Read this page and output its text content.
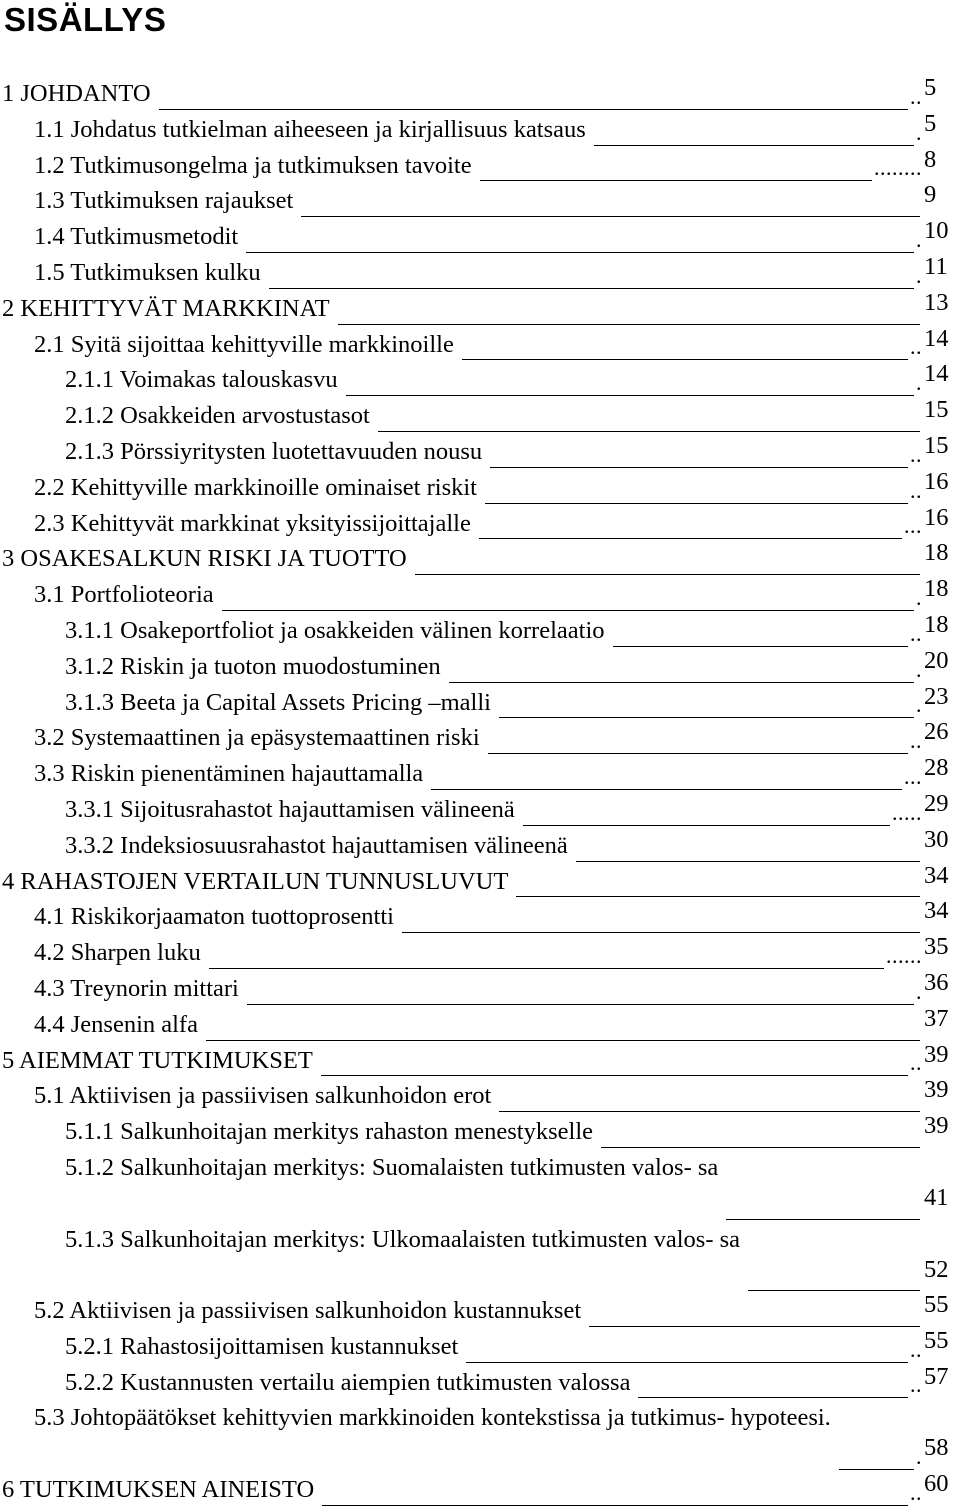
SISÄLLYS
1 JOHDANTO	.. 5
1.1 Johdatus tutkielman aiheeseen ja kirjallisuus katsaus	. 5
1.2 Tutkimusongelma ja tutkimuksen tavoite	........ 8
1.3 Tutkimuksen rajaukset	9
1.4 Tutkimusmetodit	. 10
1.5 Tutkimuksen kulku	. 11
2 KEHITTYVÄT MARKKINAT	13
2.1 Syitä sijoittaa kehittyville markkinoille	.. 14
2.1.1 Voimakas talouskasvu	. 14
2.1.2 Osakkeiden arvostustasot	15
2.1.3 Pörssiyritysten luotettavuuden nousu	.. 15
2.2 Kehittyville markkinoille ominaiset riskit	.. 16
2.3 Kehittyvät markkinat yksityissijoittajalle	... 16
3 OSAKESALKUN RISKI JA TUOTTO	18
3.1 Portfolioteoria	. 18
3.1.1 Osakeportfoliot ja osakkeiden välinen korrelaatio	.. 18
3.1.2 Riskin ja tuoton muodostuminen	. 20
3.1.3 Beeta ja Capital Assets Pricing –malli	. 23
3.2 Systemaattinen ja epäsystemaattinen riski	.. 26
3.3 Riskin pienentäminen hajauttamalla	... 28
3.3.1 Sijoitusrahastot hajauttamisen välineenä	..... 29
3.3.2 Indeksiosuusrahastot hajauttamisen välineenä	30
4 RAHASTOJEN VERTAILUN TUNNUSLUVUT	34
4.1 Riskikorjaamaton tuottoprosentti	34
4.2 Sharpen luku	...... 35
4.3 Treynorin mittari	. 36
4.4 Jensenin alfa	37
5 AIEMMAT TUTKIMUKSET	.. 39
5.1 Aktiivisen ja passiivisen salkunhoidon erot	39
5.1.1 Salkunhoitajan merkitys rahaston menestykselle	39
5.1.2 Salkunhoitajan merkitys: Suomalaisten tutkimusten valos- sa
41
5.1.3 Salkunhoitajan merkitys: Ulkomaalaisten tutkimusten valos- sa
52
5.2 Aktiivisen ja passiivisen salkunhoidon kustannukset	55
5.2.1 Rahastosijoittamisen kustannukset	.. 55
5.2.2 Kustannusten vertailu aiempien tutkimusten valossa	.. 57
5.3 Johtopäätökset kehittyvien markkinoiden kontekstissa ja tutkimus- hypoteesi.
. 58
6 TUTKIMUKSEN AINEISTO	.. 60
